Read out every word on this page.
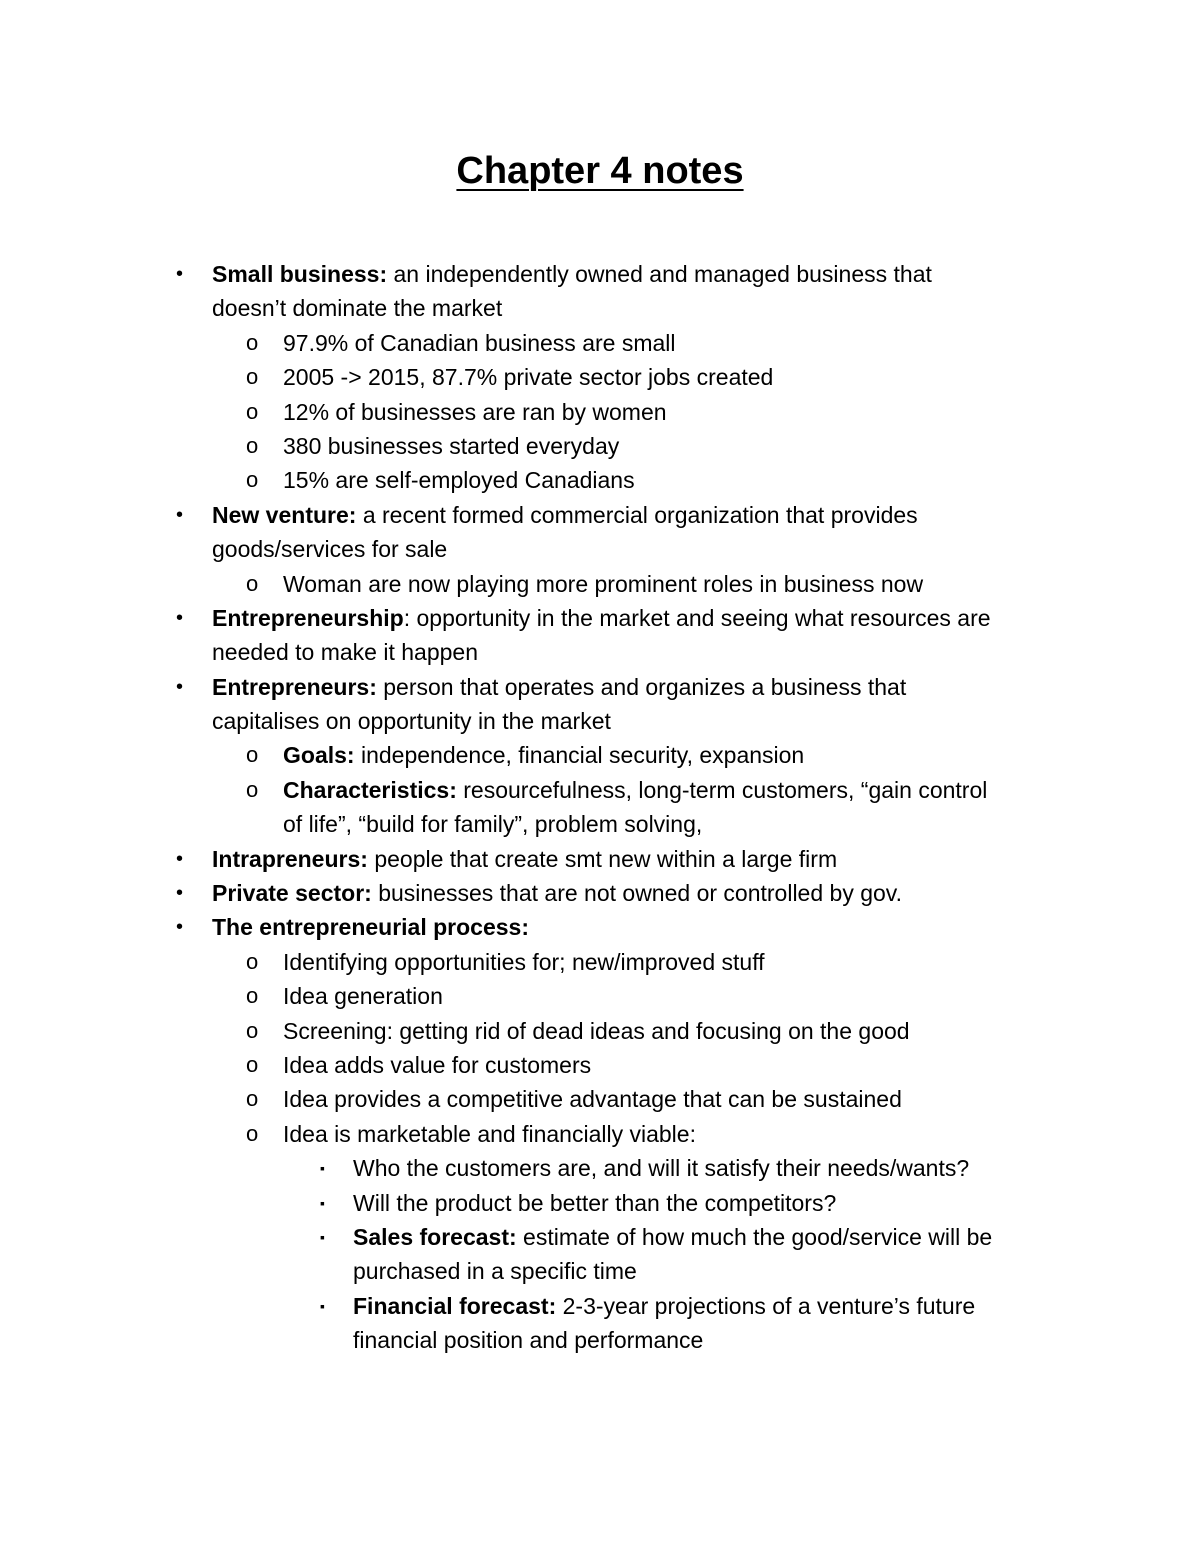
Chapter 4 notes
• Small business: an independently owned and managed business that
doesn’t dominate the market
o 97.9% of Canadian business are small
o 2005 -> 2015, 87.7% private sector jobs created
o 12% of businesses are ran by women
o 380 businesses started everyday
o 15% are self-employed Canadians
• New venture: a recent formed commercial organization that provides
goods/services for sale
o Woman are now playing more prominent roles in business now
• Entrepreneurship: opportunity in the market and seeing what resources are
needed to make it happen
• Entrepreneurs: person that operates and organizes a business that
capitalises on opportunity in the market
o Goals: independence, financial security, expansion
o Characteristics: resourcefulness, long-term customers, “gain control
of life”, “build for family”, problem solving,
• Intrapreneurs: people that create smt new within a large firm
• Private sector: businesses that are not owned or controlled by gov.
• The entrepreneurial process:
o Identifying opportunities for; new/improved stuff
o Idea generation
o Screening: getting rid of dead ideas and focusing on the good
o Idea adds value for customers
o Idea provides a competitive advantage that can be sustained
o Idea is marketable and financially viable:
▪ Who the customers are, and will it satisfy their needs/wants?
▪ Will the product be better than the competitors?
▪ Sales forecast: estimate of how much the good/service will be
purchased in a specific time
▪ Financial forecast: 2-3-year projections of a venture’s future
financial position and performance
